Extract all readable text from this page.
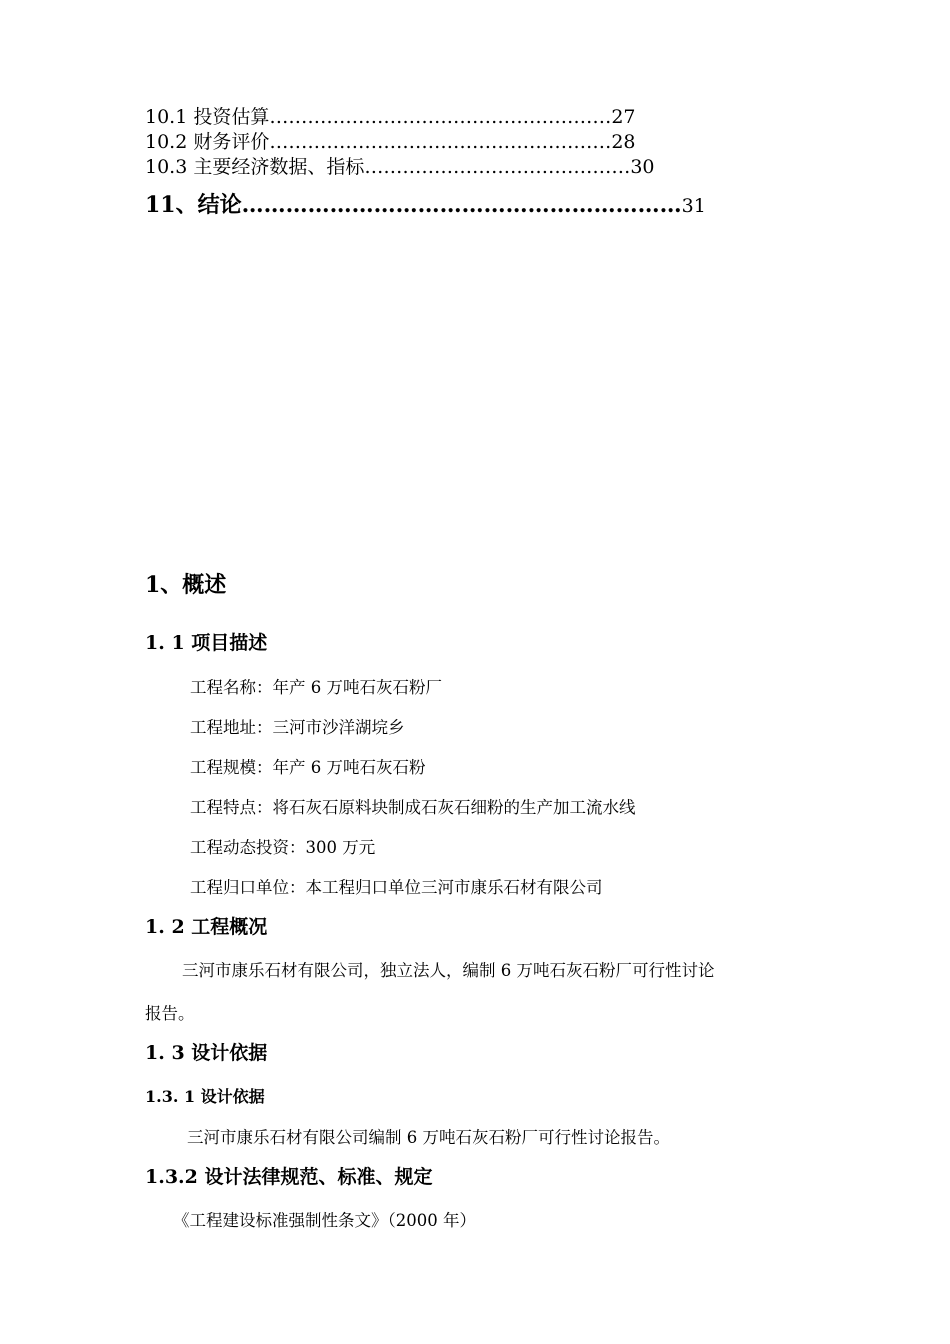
10.1 投资估算………………………………………………27
10.2 财务评价………………………………………………28
10.3 主要经济数据、指标……………………………………30
11、结论……………………………………………………31
1、概述
1. 1 项目描述
工程名称：年产 6 万吨石灰石粉厂
工程地址：三河市沙洋湖垸乡
工程规模：年产 6 万吨石灰石粉
工程特点：将石灰石原料块制成石灰石细粉的生产加工流水线
工程动态投资：300 万元
工程归口单位：本工程归口单位三河市康乐石材有限公司
1. 2 工程概况
三河市康乐石材有限公司，独立法人，编制 6 万吨石灰石粉厂可行性讨论
报告。
1. 3 设计依据
1.3. 1 设计依据
三河市康乐石材有限公司编制 6 万吨石灰石粉厂可行性讨论报告。
1.3.2 设计法律规范、标准、规定
《工程建设标准强制性条文》（2000 年）
